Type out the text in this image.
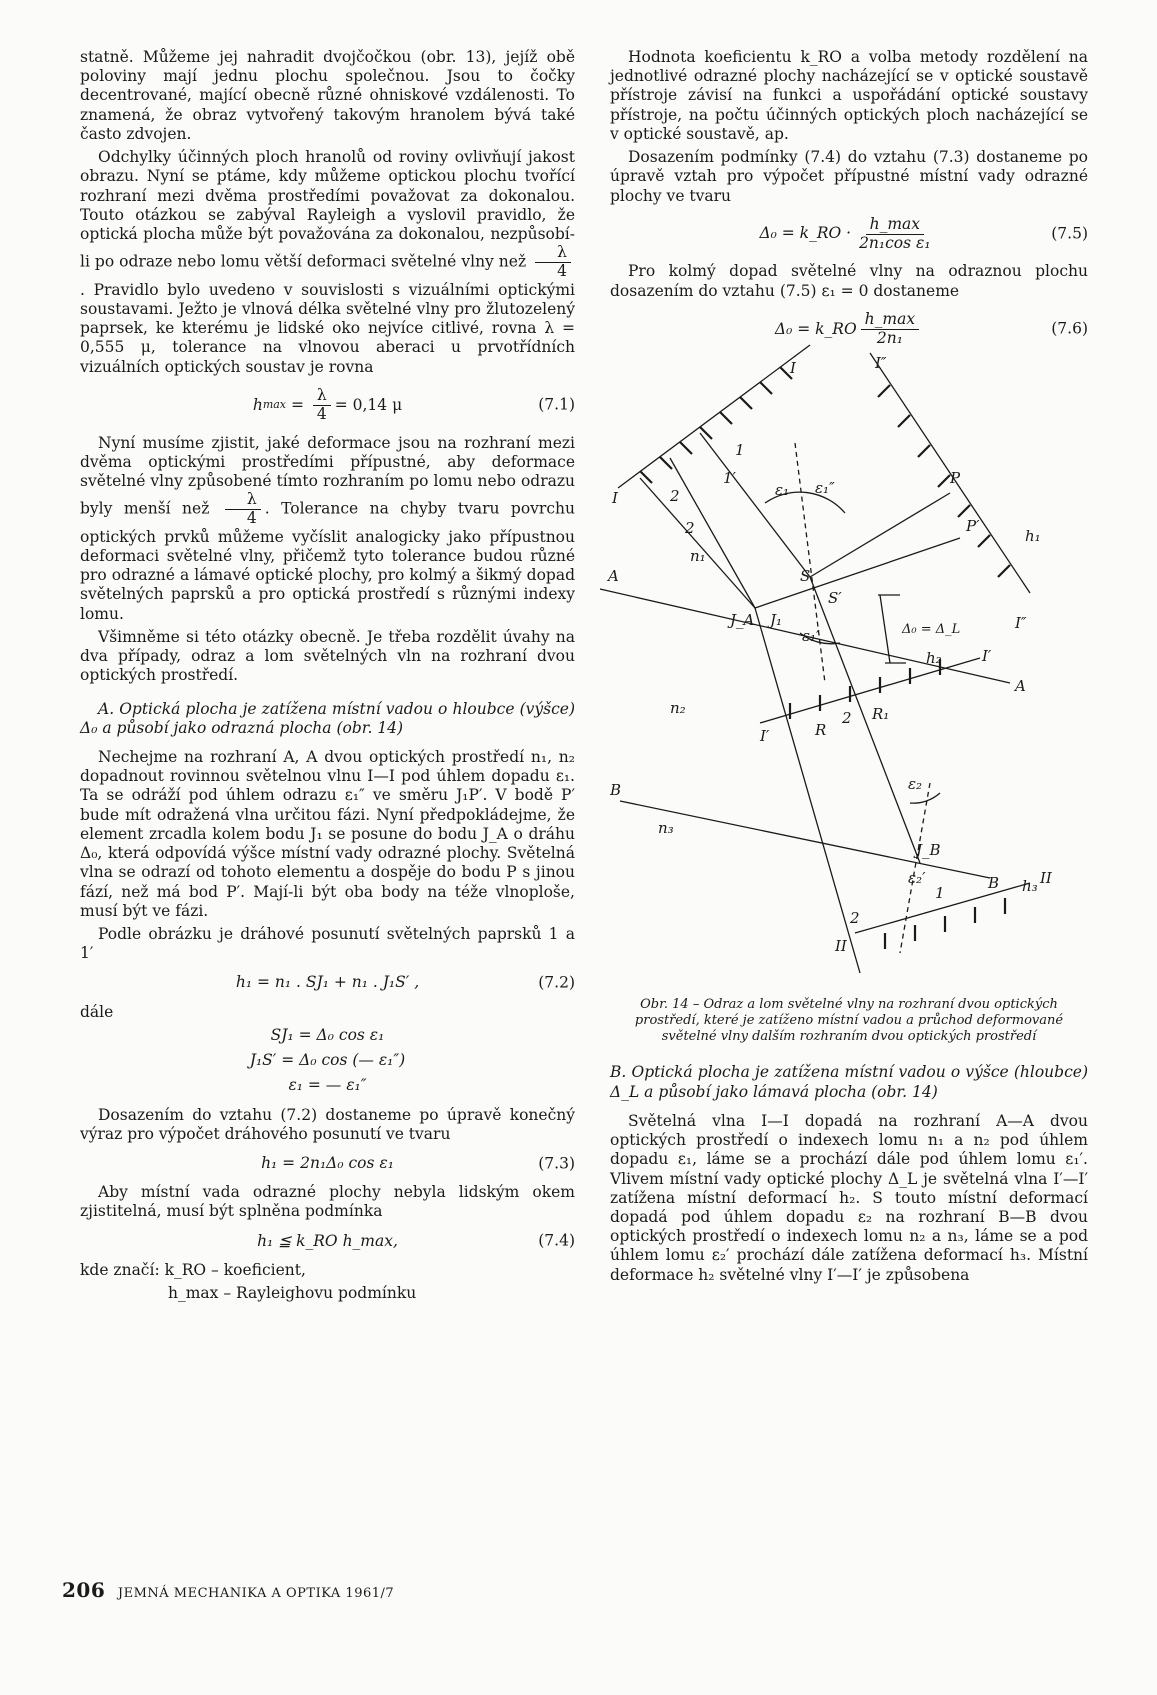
statně. Můžeme jej nahradit dvojčočkou (obr. 13), jejíž obě poloviny mají jednu plochu společnou. Jsou to čočky decentrované, mající obecně různé ohniskové vzdálenosti. To znamená, že obraz vytvořený takovým hranolem bývá také často zdvojen.

Odchylky účinných ploch hranolů od roviny ovlivňují jakost obrazu. Nyní se ptáme, kdy můžeme optickou plochu tvořící rozhraní mezi dvěma prostředími považovat za dokonalou. Touto otázkou se zabýval Rayleigh a vyslovil pravidlo, že optická plocha může být považována za dokonalou, nezpůsobí-li po odraze nebo lomu větší deformaci světelné vlny než $\frac{\lambda}{4}$
. Pravidlo bylo uvedeno v souvislosti s vizuálními optickými soustavami. Ježto je vlnová délka světelné vlny pro žlutozelený paprsek, ke kterému je lidské oko nejvíce citlivé, rovna λ = 0,555 μ, tolerance na vlnovou aberaci u prvotřídních vizuálních optických soustav je rovna

h $\max = \frac{\lambda}{4} = 0,14$ μ	(7.1)

Nyní musíme zjistit, jaké deformace jsou na rozhraní mezi dvěma optickými prostředími přípustné, aby deformace světelné vlny způsobené tímto rozhraním po lomu nebo odrazu byly menší než $\frac{\lambda}{4}$ . Tolerance na chyby tvaru povrchu optických prvků můžeme vyčíslit analogicky jako přípustnou deformaci světelné vlny, přičemž tyto tolerance budou různé pro odrazné a lámavé optické plochy, pro kolmý a šikmý dopad světelných paprsků a pro optická prostředí s různými indexy lomu.

Všimněme si této otázky obecně. Je třeba rozdělit úvahy na dva případy, odraz a lom světelných vln na rozhraní dvou optických prostředí.

A. Optická plocha je zatížena místní vadou o hloubce (výšce) Δ₀ a působí jako odrazná plocha (obr. 14)

Nechejme na rozhraní A, A dvou optických prostředí n₁, n₂ dopadnout rovinnou světelnou vlnu I—I pod úhlem dopadu ε₁. Ta se odráží pod úhlem odrazu ε₁″ ve směru J₁P′. V bodě P′ bude mít odražená vlna určitou fázi. Nyní předpokládejme, že element zrcadla kolem bodu J₁ se posune do bodu J_A o dráhu Δ₀, která odpovídá výšce místní vady odrazné plochy. Světelná vlna se odrazí od tohoto elementu a dospěje do bodu P s jinou fází, než má bod P′. Mají-li být oba body na téže vlnoploše, musí být ve fázi.

Podle obrázku je dráhové posunutí světelných paprsků 1 a 1′

h₁ = n₁ . SJ₁ + n₁ . J₁S′ ,	(7.2)

dále

SJ₁ = Δ₀ cos ε₁
J₁S′ = Δ₀ cos (— ε₁″)
ε₁ = — ε₁″

Dosazením do vztahu (7.2) dostaneme po úpravě konečný výraz pro výpočet dráhového posunutí ve tvaru

h₁ = 2n₁Δ₀ cos ε₁	(7.3)

Aby místní vada odrazné plochy nebyla lidským okem zjistitelná, musí být splněna podmínka

h₁ ≦ k_RO h_max,	(7.4)

kde značí: k_RO – koeficient,

h_max – Rayleighovu podmínku

Hodnota koeficientu k_RO a volba metody rozdělení na jednotlivé odrazné plochy nacházející se v optické soustavě přístroje závisí na funkci a uspořádání optické soustavy přístroje, na počtu účinných optických ploch nacházející se v optické soustavě, ap.

Dosazením podmínky (7.4) do vztahu (7.3) dostaneme po úpravě vztah pro výpočet přípustné místní vady odrazné plochy ve tvaru

Δ₀ = k_RO · $\frac{h\_\max}{\text{2n₁cos ε₁}}$	(7.5)

Pro kolmý dopad světelné vlny na odraznou plochu dosazením do vztahu (7.5) ε₁ = 0 dostaneme

Δ₀ = k_RO $\frac{h\_\max}{\text{2n₁}}$	(7.6)
I
I
I″
I″
I′
I′
II
II
A
A
B
B
n₁
n₂
n₃
1
1′
2
2
2
2
1
ε₁ ε₁″
ε₁′
ε₂
ε₂′
P
P′
S
S′
J₁
J_A
J_B
h₁
h₂
h₃
R
R₁
Δ₀ = Δ_L

Obr. 14 – Odraz a lom světelné vlny na rozhraní dvou optických prostředí, které je zatíženo místní vadou a průchod deformované světelné vlny dalším rozhraním dvou optických prostředí

B. Optická plocha je zatížena místní vadou o výšce (hloubce) Δ_L a působí jako lámavá plocha (obr. 14)

Světelná vlna I—I dopadá na rozhraní A—A dvou optických prostředí o indexech lomu n₁ a n₂ pod úhlem dopadu ε₁, láme se a prochází dále pod úhlem lomu ε₁′. Vlivem místní vady optické plochy Δ_L je světelná vlna I′—I′ zatížena místní deformací h₂. S touto místní deformací dopadá pod úhlem dopadu ε₂ na rozhraní B—B dvou optických prostředí o indexech lomu n₂ a n₃, láme se a pod úhlem lomu ε₂′ prochází dále zatížena deformací h₃. Místní deformace h₂ světelné vlny I′—I′ je způsobena

206 JEMNÁ MECHANIKA A OPTIKA 1961/7
